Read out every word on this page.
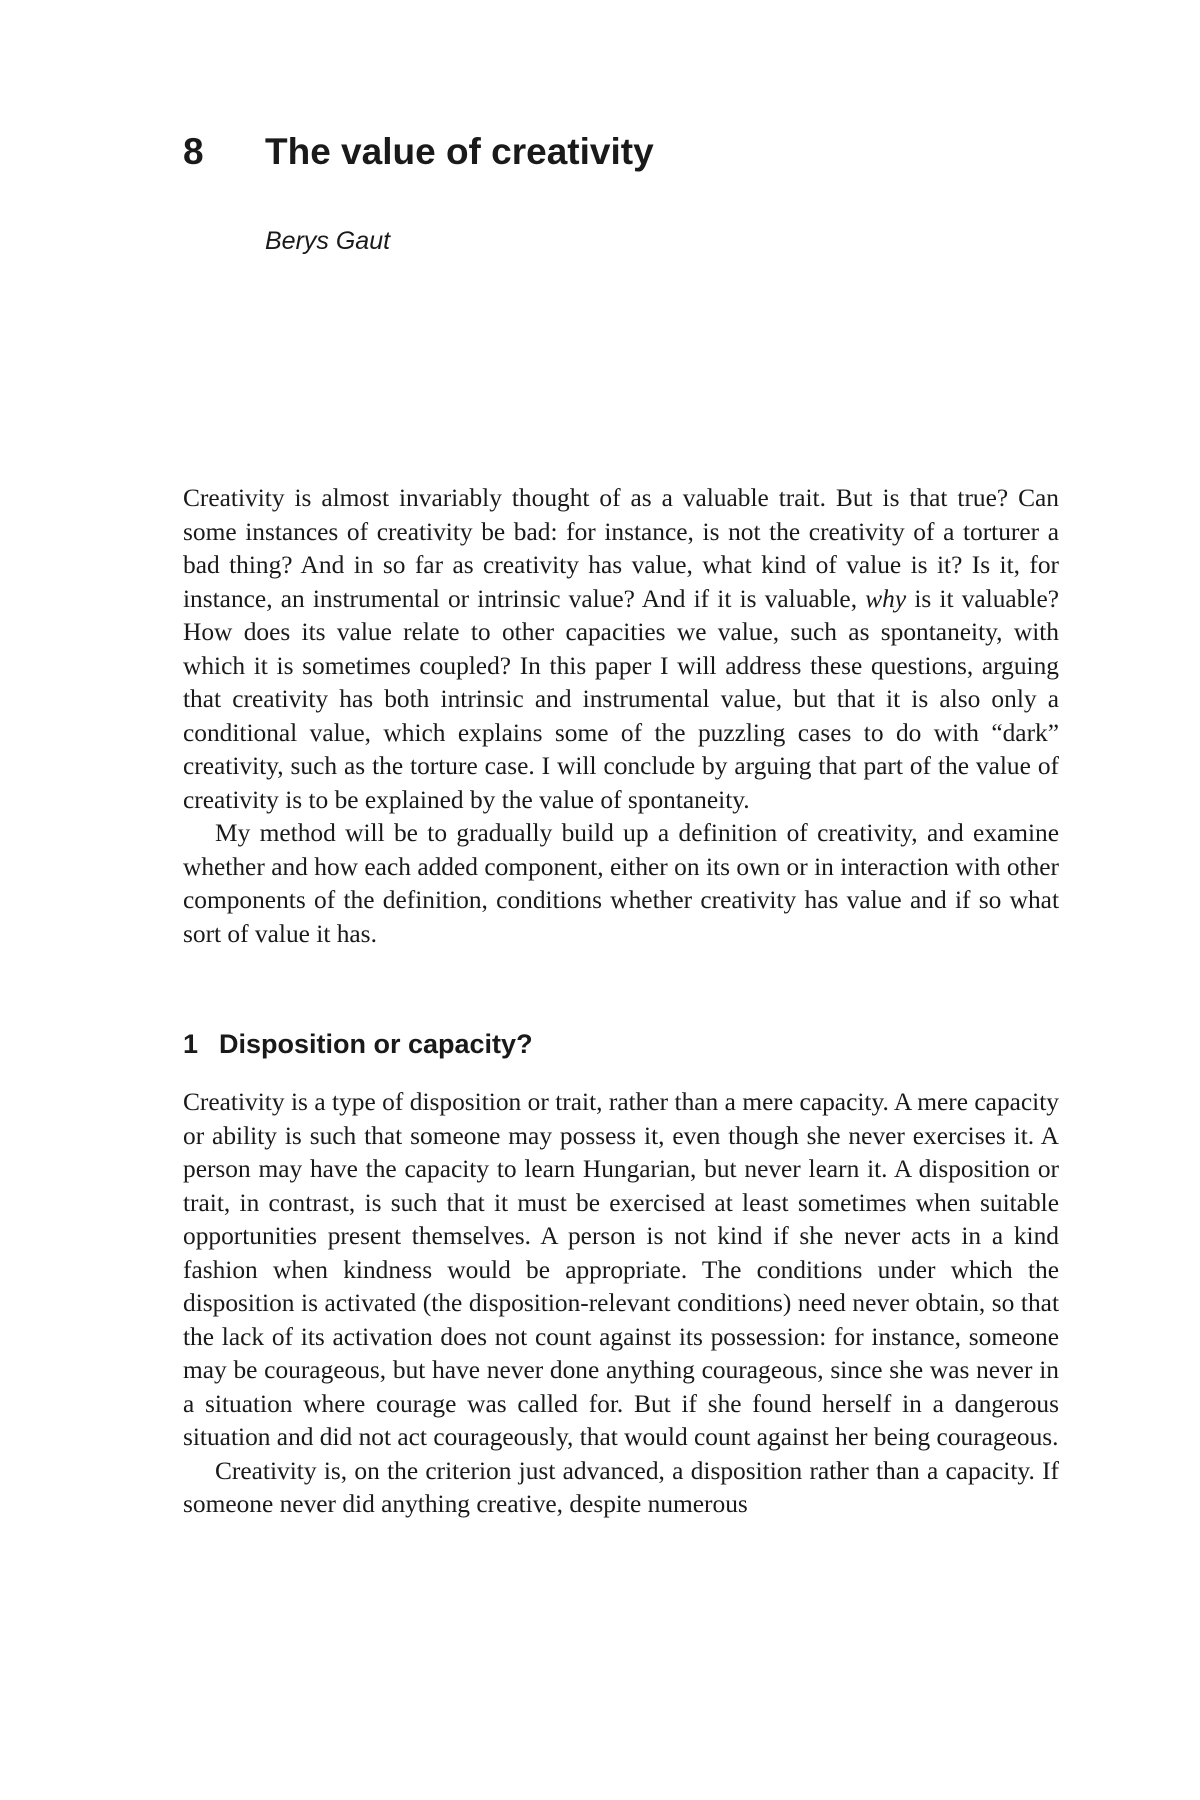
8 The value of creativity
Berys Gaut

Creativity is almost invariably thought of as a valuable trait. But is that true? Can some instances of creativity be bad: for instance, is not the creativity of a torturer a bad thing? And in so far as creativity has value, what kind of value is it? Is it, for instance, an instrumental or intrinsic value? And if it is valuable, why is it valuable? How does its value relate to other capacities we value, such as spontaneity, with which it is sometimes coupled? In this paper I will address these questions, arguing that creativity has both intrinsic and instrumental value, but that it is also only a conditional value, which explains some of the puzzling cases to do with “dark” creativity, such as the torture case. I will conclude by arguing that part of the value of creativity is to be explained by the value of spontaneity.

My method will be to gradually build up a definition of creativity, and examine whether and how each added component, either on its own or in interaction with other components of the definition, conditions whether creativity has value and if so what sort of value it has.

1 Disposition or capacity?

Creativity is a type of disposition or trait, rather than a mere capacity. A mere capacity or ability is such that someone may possess it, even though she never exercises it. A person may have the capacity to learn Hungarian, but never learn it. A disposition or trait, in contrast, is such that it must be exercised at least sometimes when suitable opportunities present themselves. A person is not kind if she never acts in a kind fashion when kindness would be appropriate. The conditions under which the disposition is activated (the disposition-relevant conditions) need never obtain, so that the lack of its activation does not count against its possession: for instance, someone may be courageous, but have never done anything courageous, since she was never in a situation where courage was called for. But if she found herself in a dangerous situation and did not act courageously, that would count against her being courageous.

Creativity is, on the criterion just advanced, a disposition rather than a capacity. If someone never did anything creative, despite numerous
